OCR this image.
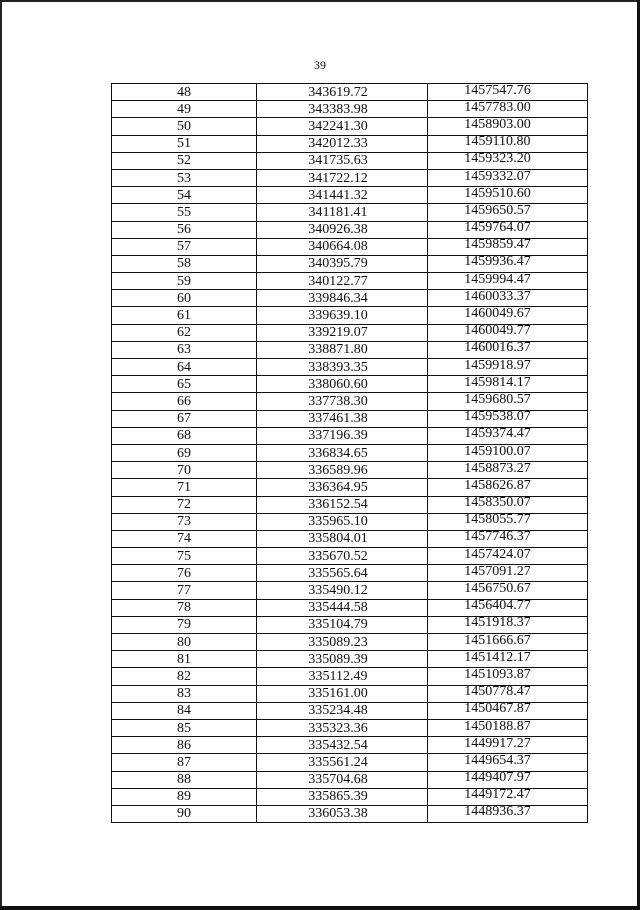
39
48	343619.72	1457547.76
49	343383.98	1457783.00
50	342241.30	1458903.00
51	342012.33	1459110.80
52	341735.63	1459323.20
53	341722.12	1459332.07
54	341441.32	1459510.60
55	341181.41	1459650.57
56	340926.38	1459764.07
57	340664.08	1459859.47
58	340395.79	1459936.47
59	340122.77	1459994.47
60	339846.34	1460033.37
61	339639.10	1460049.67
62	339219.07	1460049.77
63	338871.80	1460016.37
64	338393.35	1459918.97
65	338060.60	1459814.17
66	337738.30	1459680.57
67	337461.38	1459538.07
68	337196.39	1459374.47
69	336834.65	1459100.07
70	336589.96	1458873.27
71	336364.95	1458626.87
72	336152.54	1458350.07
73	335965.10	1458055.77
74	335804.01	1457746.37
75	335670.52	1457424.07
76	335565.64	1457091.27
77	335490.12	1456750.67
78	335444.58	1456404.77
79	335104.79	1451918.37
80	335089.23	1451666.67
81	335089.39	1451412.17
82	335112.49	1451093.87
83	335161.00	1450778.47
84	335234.48	1450467.87
85	335323.36	1450188.87
86	335432.54	1449917.27
87	335561.24	1449654.37
88	335704.68	1449407.97
89	335865.39	1449172.47
90	336053.38	1448936.37
